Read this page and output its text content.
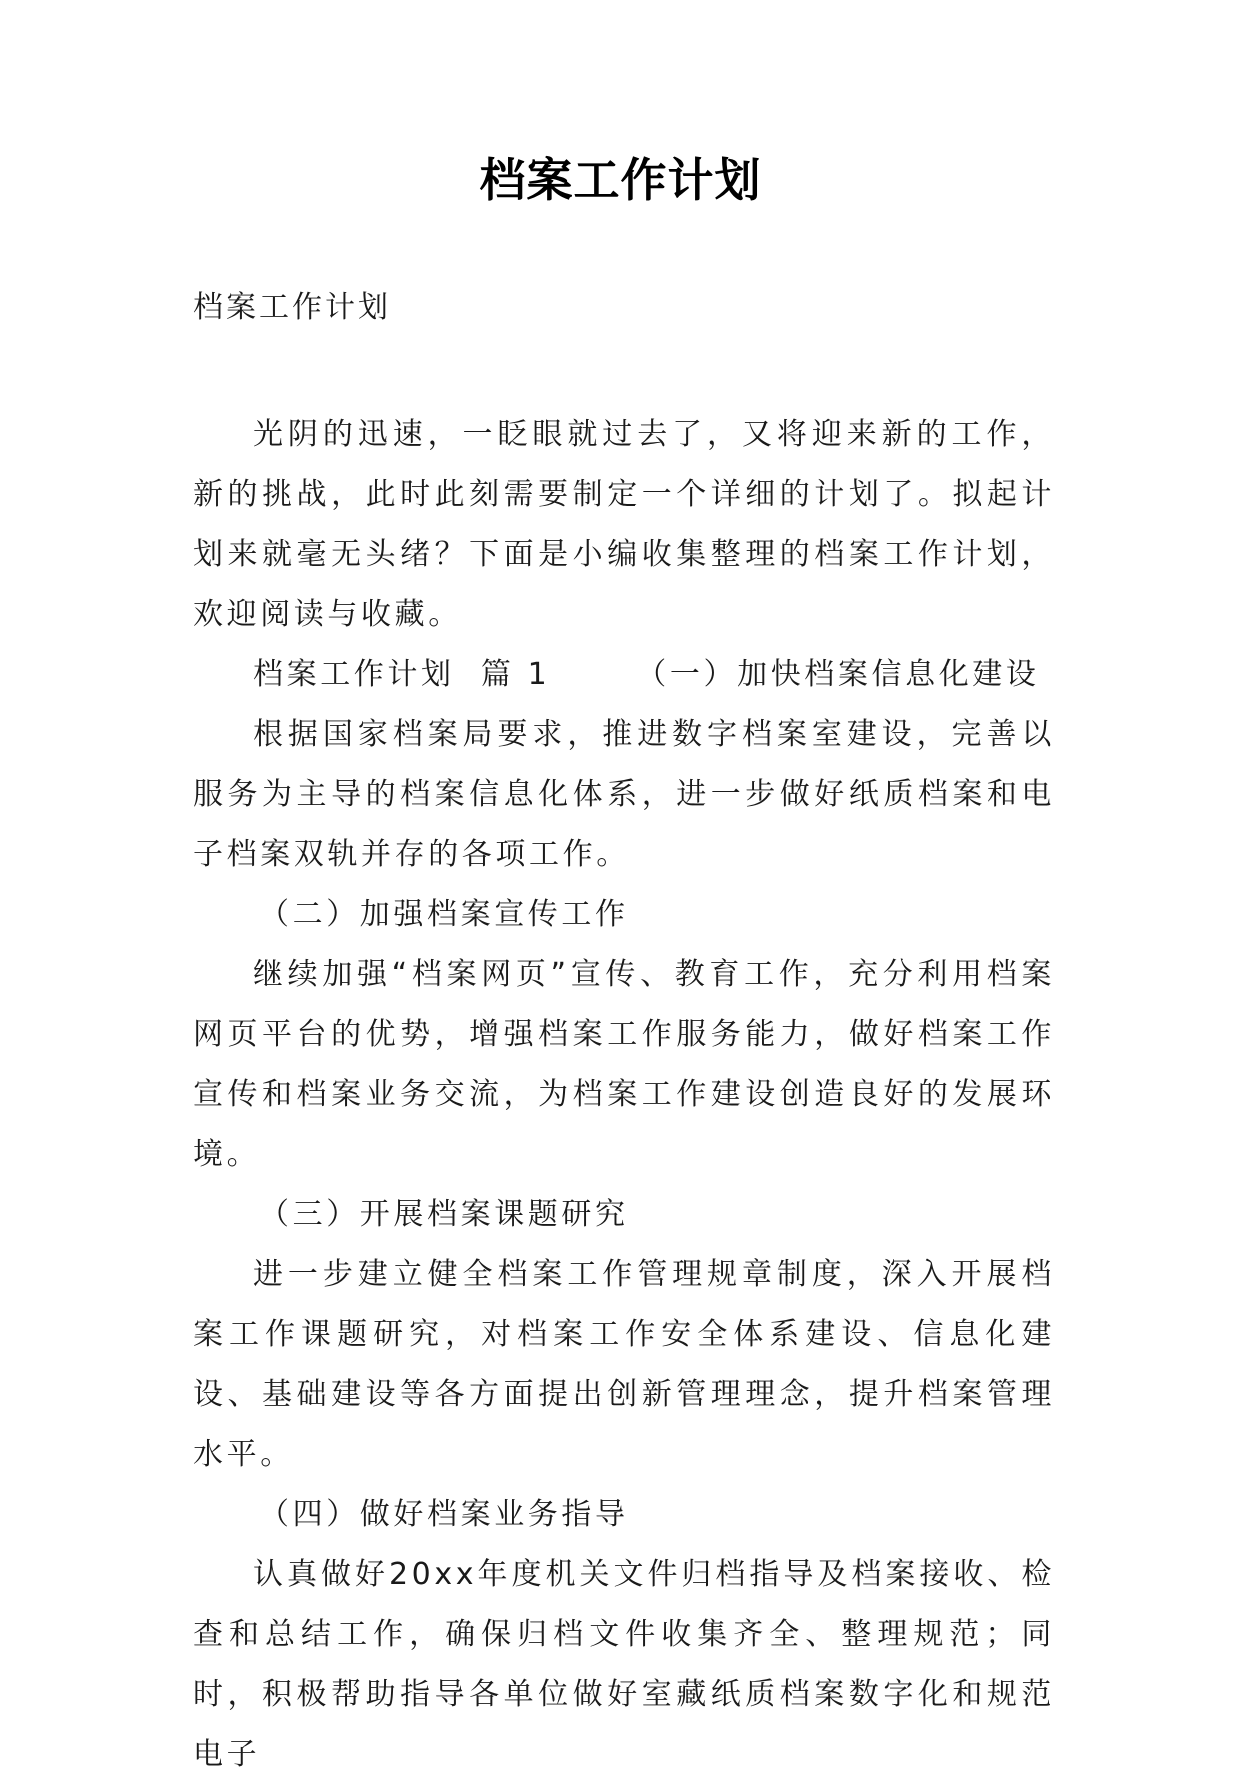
档案工作计划
档案工作计划

光阴的迅速，一眨眼就过去了，又将迎来新的工作，新的挑战，此时此刻需要制定一个详细的计划了。拟起计划来就毫无头绪？下面是小编收集整理的档案工作计划，欢迎阅读与收藏。

档案工作计划  篇 1	（一）加快档案信息化建设

根据国家档案局要求，推进数字档案室建设，完善以服务为主导的档案信息化体系，进一步做好纸质档案和电子档案双轨并存的各项工作。

（二）加强档案宣传工作

继续加强“档案网页”宣传、教育工作，充分利用档案网页平台的优势，增强档案工作服务能力，做好档案工作宣传和档案业务交流，为档案工作建设创造良好的发展环境。

（三）开展档案课题研究

进一步建立健全档案工作管理规章制度，深入开展档案工作课题研究，对档案工作安全体系建设、信息化建设、基础建设等各方面提出创新管理理念，提升档案管理水平。

（四）做好档案业务指导

认真做好20xx年度机关文件归档指导及档案接收、检查和总结工作，确保归档文件收集齐全、整理规范；同时，积极帮助指导各单位做好室藏纸质档案数字化和规范电子
